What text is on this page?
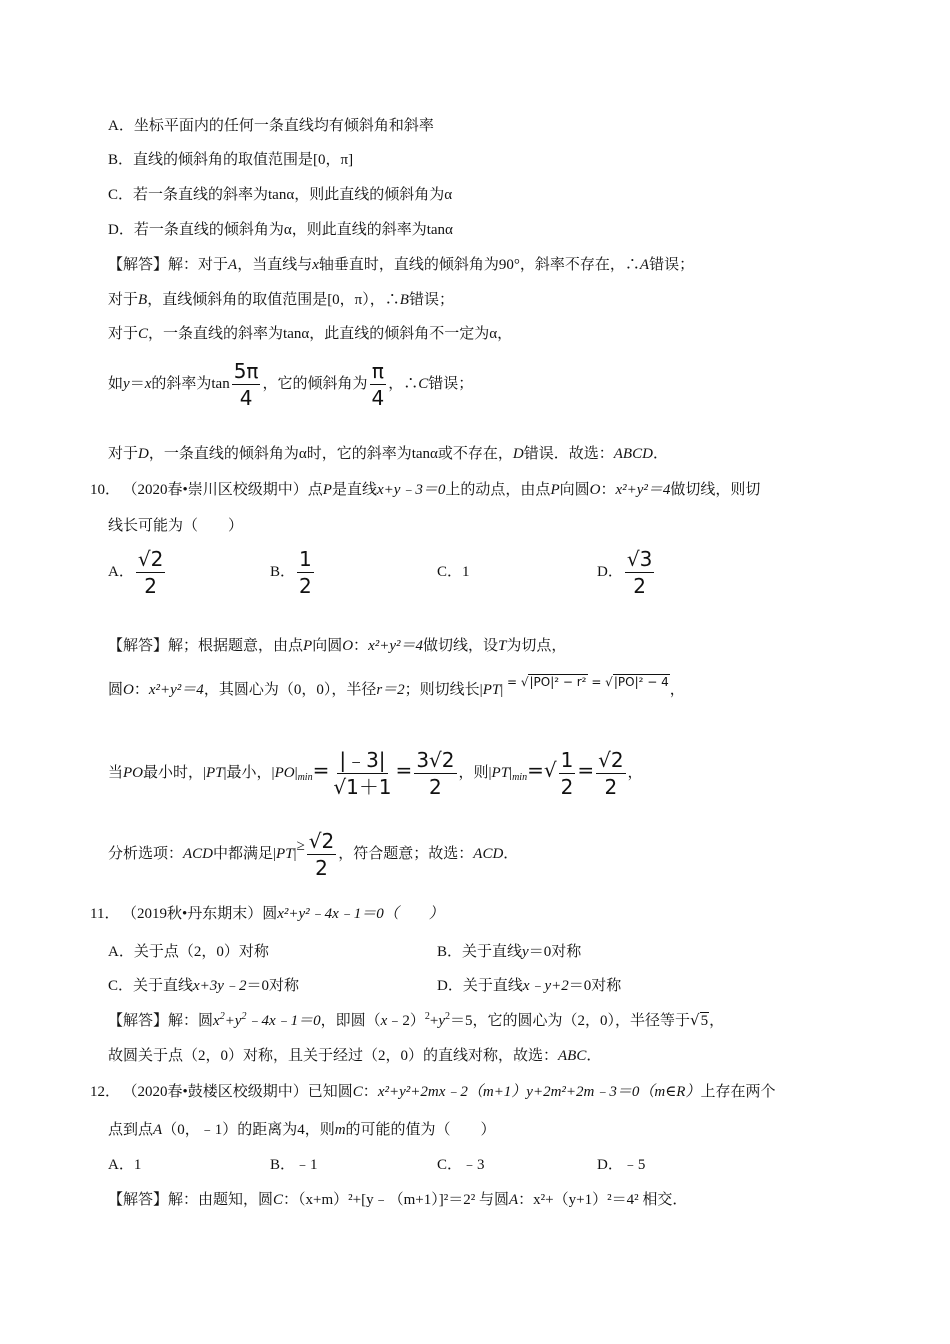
A．坐标平面内的任何一条直线均有倾斜角和斜率
B．直线的倾斜角的取值范围是[0，π]
C．若一条直线的斜率为tanα，则此直线的倾斜角为α
D．若一条直线的倾斜角为α，则此直线的斜率为tanα
【解答】解：对于A，当直线与x轴垂直时，直线的倾斜角为90°，斜率不存在，∴A错误；
对于B，直线倾斜角的取值范围是[0，π），∴B错误；
对于C，一条直线的斜率为tanα，此直线的倾斜角不一定为α，
如y＝x的斜率为$\tan \frac{5\pi}{4}$ ，它的倾斜角为 $\frac{\pi}{4}$ ，∴C错误；
对于D，一条直线的倾斜角为α时，它的斜率为tanα或不存在，D错误．故选：ABCD．
10． （2020春•崇川区校级期中）点P是直线x+y﹣3＝0上的动点，由点P向圆O：x²+y²＝4做切线，则切
线长可能为（　　）
A． $\frac{√2}{2}$	B． $\frac{1}{2}$	C．1	D． $\frac{√3}{2}$
【解答】解；根据题意，由点P向圆O：x²+y²＝4做切线，设T为切点，
圆O：x²+y²＝4，其圆心为（0，0），半径r＝2；则切线长|PT| $^{= √|PO|^2 - r^2 = √|PO|^2 - 4}$，
当PO最小时，|PT|最小，$|PO|_{min}= \frac{|﹣3|}{√1+1} = \frac{3√2}{2}$ ，则$|PT|_{min}=√ \frac{1}{2} = \frac{√2}{2}$ ，
分析选项：ACD中都满足$|PT|\ge \frac{√2}{2}$ ，符合题意；故选：ACD．
11． （2019秋•丹东期末）圆x²+y²﹣4x﹣1＝0（　　）
A．关于点（2，0）对称	B．关于直线y＝0对称
C．关于直线x+3y﹣2＝0对称	D．关于直线x﹣y+2＝0对称
【解答】解：圆$x^2+y^2﹣4x﹣1=0$，即圆$(x﹣2)^2+y^2=5$，它的圆心为（2，0），半径等于√5，
故圆关于点（2，0）对称，且关于经过（2，0）的直线对称，故选：ABC．
12． （2020春•鼓楼区校级期中）已知圆C：x²+y²+2mx﹣2（m+1）y+2m²+2m﹣3＝0（m∈R）上存在两个
点到点A（0，﹣1）的距离为4，则m的可能的值为（　　）
A．1	B．﹣1	C．﹣3	D．﹣5
【解答】解：由题知，圆C：（x+m）²+[y﹣（m+1）]²＝2² 与圆A：x²+（y+1）²＝4² 相交．
